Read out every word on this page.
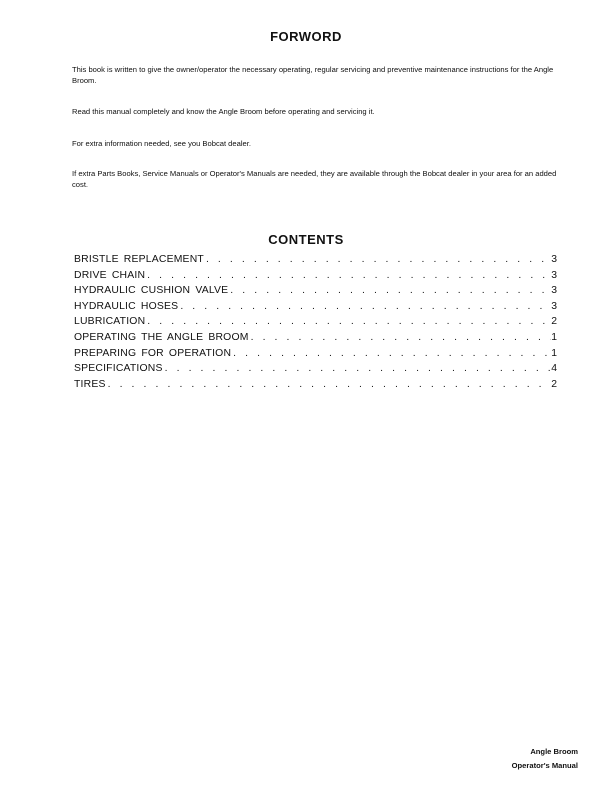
FORWORD

This book is written to give the owner/operator the necessary operating, regular servicing and preventive maintenance instructions for the Angle Broom.

Read this manual completely and know the Angle Broom before operating and servicing it.

For extra information needed, see you Bobcat dealer.

If extra Parts Books, Service Manuals or Operator's Manuals are needed, they are available through the Bobcat dealer in your area for an added cost.

CONTENTS
BRISTLE REPLACEMENT . . .	3
DRIVE CHAIN . . .	3
HYDRAULIC CUSHION VALVE . . .	3
HYDRAULIC HOSES . . .	3
LUBRICATION . . .	2
OPERATING THE ANGLE BROOM . . .	1
PREPARING FOR OPERATION . . .	1
SPECIFICATIONS . . .	4
TIRES . . .	2
Angle Broom
Operator's Manual
